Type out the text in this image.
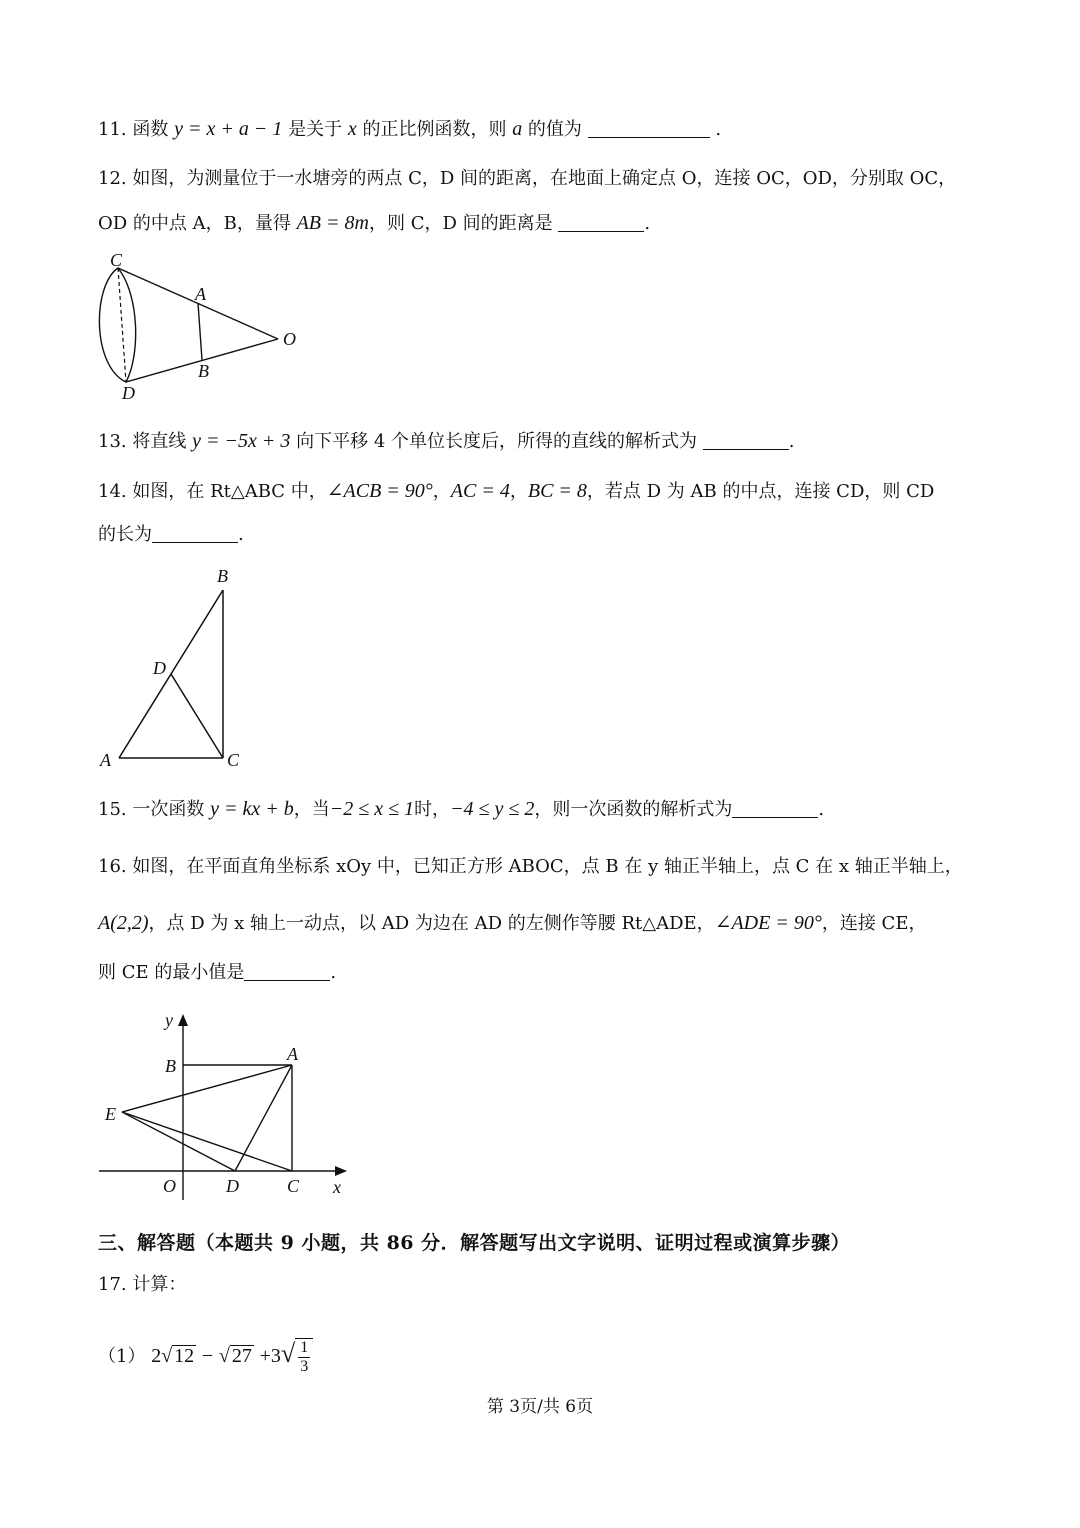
11. 函数 y = x + a − 1 是关于 x 的正比例函数，则 a 的值为	.
12. 如图，为测量位于一水塘旁的两点 C，D 间的距离，在地面上确定点 O，连接 OC，OD，分别取 OC，
OD 的中点 A，B，量得 AB = 8m，则 C，D 间的距离是	.
C
A
O
B
D
13. 将直线 y = −5x + 3 向下平移 4 个单位长度后，所得的直线的解析式为	.
14. 如图，在 Rt△ABC 中，∠ACB = 90°，AC = 4，BC = 8，若点 D 为 AB 的中点，连接 CD，则 CD
的长为	.
B
D
A	C
15. 一次函数 y = kx + b，当−2 ≤ x ≤ 1时，−4 ≤ y ≤ 2，则一次函数的解析式为	.
16. 如图，在平面直角坐标系 xOy 中，已知正方形 ABOC，点 B 在 y 轴正半轴上，点 C 在 x 轴正半轴上，
A(2,2)，点 D 为 x 轴上一动点，以 AD 为边在 AD 的左侧作等腰 Rt△ADE，∠ADE = 90°，连接 CE，
则 CE 的最小值是	.
y
B
A
E
O	D	C x
三、解答题（本题共 9 小题，共 86 分．解答题写出文字说明、证明过程或演算步骤）
17. 计算：
（1） 2√ 12 − √ $27 +3√ \frac{1}{3}$
第 3页/共 6页
